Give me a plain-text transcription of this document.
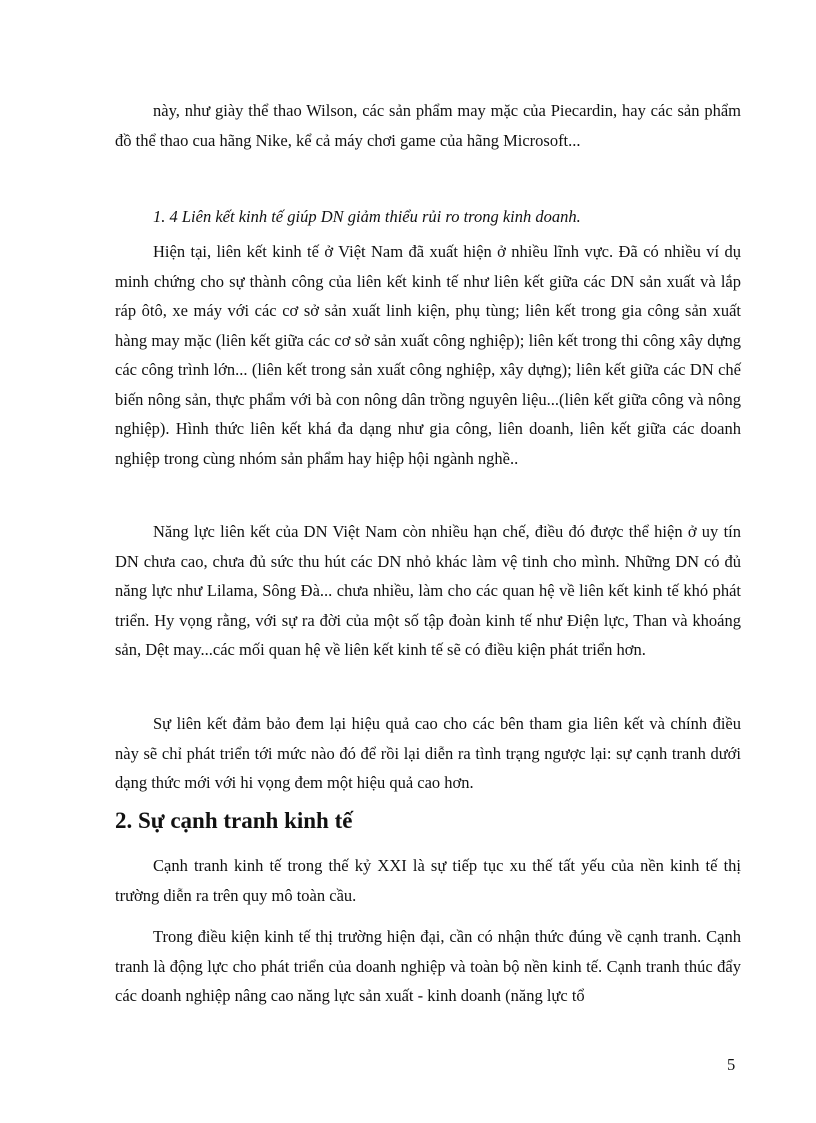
này, như giày thể thao Wilson, các sản phẩm may mặc của Piecardin, hay các sản phẩm đồ thể thao cua hãng Nike, kể cả máy chơi game của hãng Microsoft...

1. 4 Liên kết kinh tế giúp DN giảm thiểu rủi ro trong kinh doanh.

Hiện tại, liên kết kinh tế ở Việt Nam đã xuất hiện ở nhiều lĩnh vực. Đã có nhiều ví dụ minh chứng cho sự thành công của liên kết kinh tế như liên kết giữa các DN sản xuất và lắp ráp ôtô, xe máy với các cơ sở sản xuất linh kiện, phụ tùng; liên kết trong gia công sản xuất hàng may mặc (liên kết giữa các cơ sở sản xuất công nghiệp); liên kết trong thi công xây dựng các công trình lớn... (liên kết trong sản xuất công nghiệp, xây dựng); liên kết giữa các DN chế biến nông sản, thực phẩm với bà con nông dân trồng nguyên liệu...(liên kết giữa công và nông nghiệp). Hình thức liên kết khá đa dạng như gia công, liên doanh, liên kết giữa các doanh nghiệp trong cùng nhóm sản phẩm hay hiệp hội ngành nghề..

Năng lực liên kết của DN Việt Nam còn nhiều hạn chế, điều đó được thể hiện ở uy tín DN chưa cao, chưa đủ sức thu hút các DN nhỏ khác làm vệ tinh cho mình. Những DN có đủ năng lực như Lilama, Sông Đà... chưa nhiều, làm cho các quan hệ về liên kết kinh tế khó phát triển. Hy vọng rằng, với sự ra đời của một số tập đoàn kinh tế như Điện lực, Than và khoáng sản, Dệt may...các mối quan hệ về liên kết kinh tế sẽ có điều kiện phát triển hơn.

Sự liên kết đảm bảo đem lại hiệu quả cao cho các bên tham gia liên kết và chính điều này sẽ chỉ phát triển tới mức nào đó để rồi lại diễn ra tình trạng ngược lại: sự cạnh tranh dưới dạng thức mới với hi vọng đem một hiệu quả cao hơn.

2. Sự cạnh tranh kinh tế

Cạnh tranh kinh tế trong thế kỷ XXI là sự tiếp tục xu thế tất yếu của nền kinh tế thị trường diễn ra trên quy mô toàn cầu.

Trong điều kiện kinh tế thị trường hiện đại, cần có nhận thức đúng về cạnh tranh. Cạnh tranh là động lực cho phát triển của doanh nghiệp và toàn bộ nền kinh tế. Cạnh tranh thúc đẩy các doanh nghiệp nâng cao năng lực sản xuất - kinh doanh (năng lực tổ

5
